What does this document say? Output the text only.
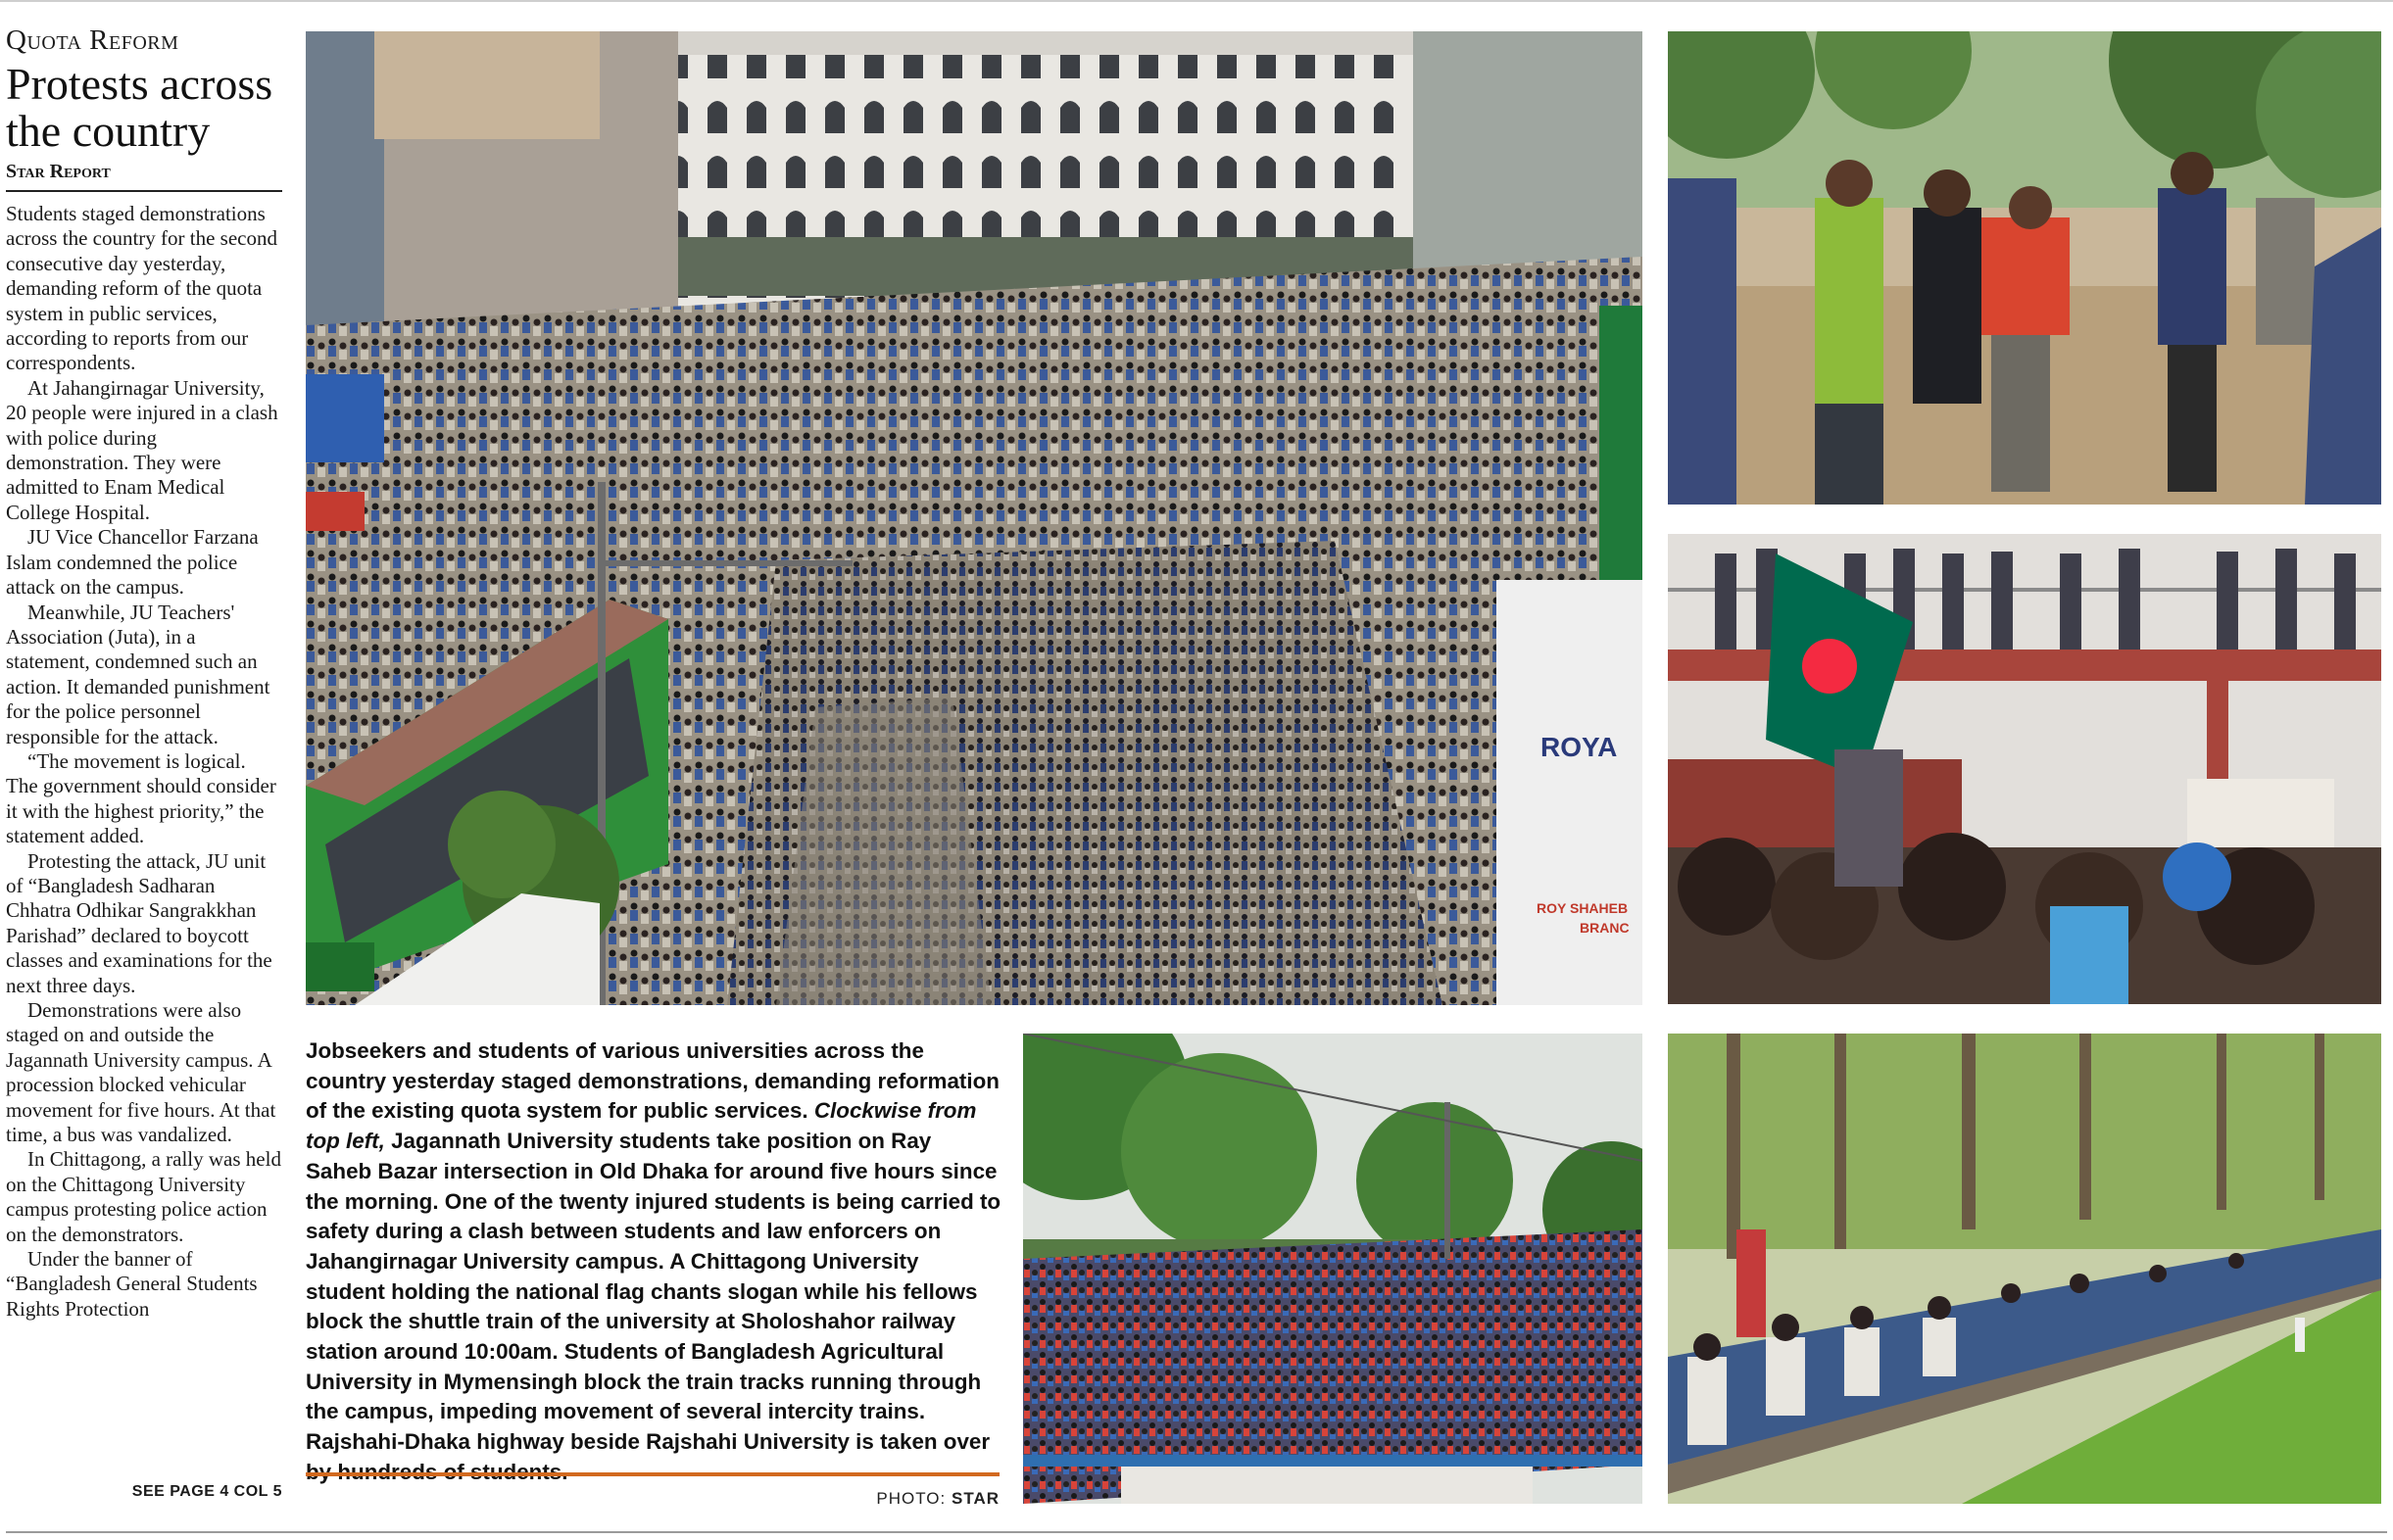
Quota Reform
Protests across
the country
Star Report

Students staged demonstrations across the country for the second consecutive day yesterday, demanding reform of the quota system in public services, according to reports from our correspondents.

At Jahangirnagar University, 20 people were injured in a clash with police during demonstration. They were admitted to Enam Medical College Hospital.

JU Vice Chancellor Farzana Islam condemned the police attack on the campus.

Meanwhile, JU Teachers' Association (Juta), in a statement, condemned such an action. It demanded punishment for the police personnel responsible for the attack.

“The movement is logical. The government should consider it with the highest priority,” the statement added.

Protesting the attack, JU unit of “Bangladesh Sadharan Chhatra Odhikar Sangrakkhan Parishad” declared to boycott classes and examinations for the next three days.

Demonstrations were also staged on and outside the Jagannath University campus. A procession blocked vehicular movement for five hours. At that time, a bus was vandalized.

In Chittagong, a rally was held on the Chittagong University campus protesting police action on the demonstrators.

Under the banner of “Bangladesh General Students Rights Protection

SEE PAGE 4 COL 5
ROYA
ROY SHAHEB
BRANC
Jobseekers and students of various universities across the country yesterday staged demonstrations, demanding reformation of the existing quota system for public services. Clockwise from top left, Jagannath University students take position on Ray Saheb Bazar intersection in Old Dhaka for around five hours since the morning. One of the twenty injured students is being carried to safety during a clash between students and law enforcers on Jahangirnagar University campus. A Chittagong University student holding the national flag chants slogan while his fellows block the shuttle train of the university at Sholoshahor railway station around 10:00am. Students of Bangladesh Agricultural University in Mymensingh block the train tracks running through the campus, impeding movement of several intercity trains. Rajshahi-Dhaka highway beside Rajshahi University is taken over
PHOTO: STAR
